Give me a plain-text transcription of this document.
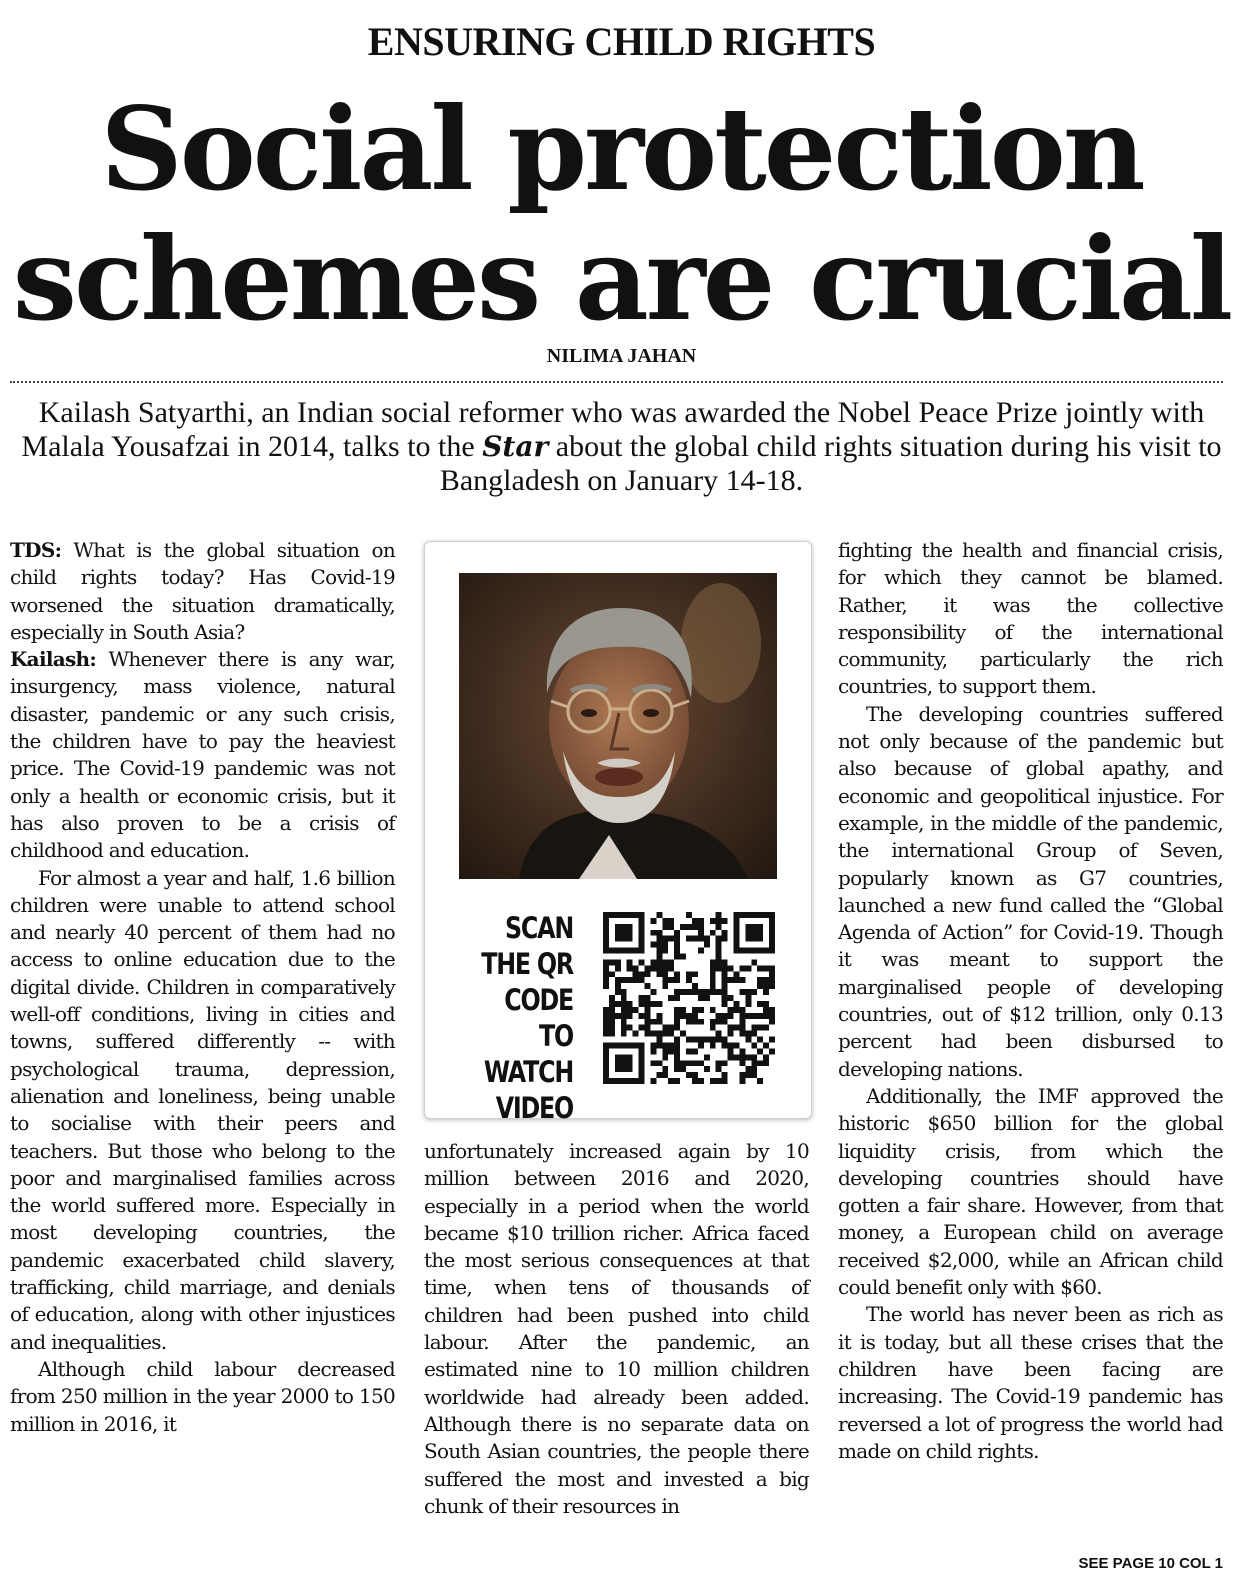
ENSURING CHILD RIGHTS
Social protection
schemes are crucial
NILIMA JAHAN
Kailash Satyarthi, an Indian social reformer who was awarded the Nobel Peace Prize jointly with Malala Yousafzai in 2014, talks to the Star about the global child rights situation during his visit to Bangladesh on January 14-18.

TDS: What is the global situation on child rights today? Has Covid-19 worsened the situation dramatically, especially in South Asia?

Kailash: Whenever there is any war, insurgency, mass violence, natural disaster, pandemic or any such crisis, the children have to pay the heaviest price. The Covid-19 pandemic was not only a health or economic crisis, but it has also proven to be a crisis of childhood and education.

For almost a year and half, 1.6 billion children were unable to attend school and nearly 40 percent of them had no access to online education due to the digital divide. Children in comparatively well-off conditions, living in cities and towns, suffered differently -- with psychological trauma, depression, alienation and loneliness, being unable to socialise with their peers and teachers. But those who belong to the poor and marginalised families across the world suffered more. Especially in most developing countries, the pandemic exacerbated child slavery, trafficking, child marriage, and denials of education, along with other injustices and inequalities.

Although child labour decreased from 250 million in the year 2000 to 150 million in 2016, it

SCAN
THE QR
CODE TO
WATCH
VIDEO

unfortunately increased again by 10 million between 2016 and 2020, especially in a period when the world became $10 trillion richer. Africa faced the most serious consequences at that time, when tens of thousands of children had been pushed into child labour. After the pandemic, an estimated nine to 10 million children worldwide had already been added. Although there is no separate data on South Asian countries, the people there suffered the most and invested a big chunk of their resources in

fighting the health and financial crisis, for which they cannot be blamed. Rather, it was the collective responsibility of the international community, particularly the rich countries, to support them.

The developing countries suffered not only because of the pandemic but also because of global apathy, and economic and geopolitical injustice. For example, in the middle of the pandemic, the international Group of Seven, popularly known as G7 countries, launched a new fund called the “Global Agenda of Action” for Covid-19. Though it was meant to support the marginalised people of developing countries, out of $12 trillion, only 0.13 percent had been disbursed to developing nations.

Additionally, the IMF approved the historic $650 billion for the global liquidity crisis, from which the developing countries should have gotten a fair share. However, from that money, a European child on average received $2,000, while an African child could benefit only with $60.

The world has never been as rich as it is today, but all these crises that the children have been facing are increasing. The Covid-19 pandemic has reversed a lot of progress the world had made on child rights.

SEE PAGE 10 COL 1
